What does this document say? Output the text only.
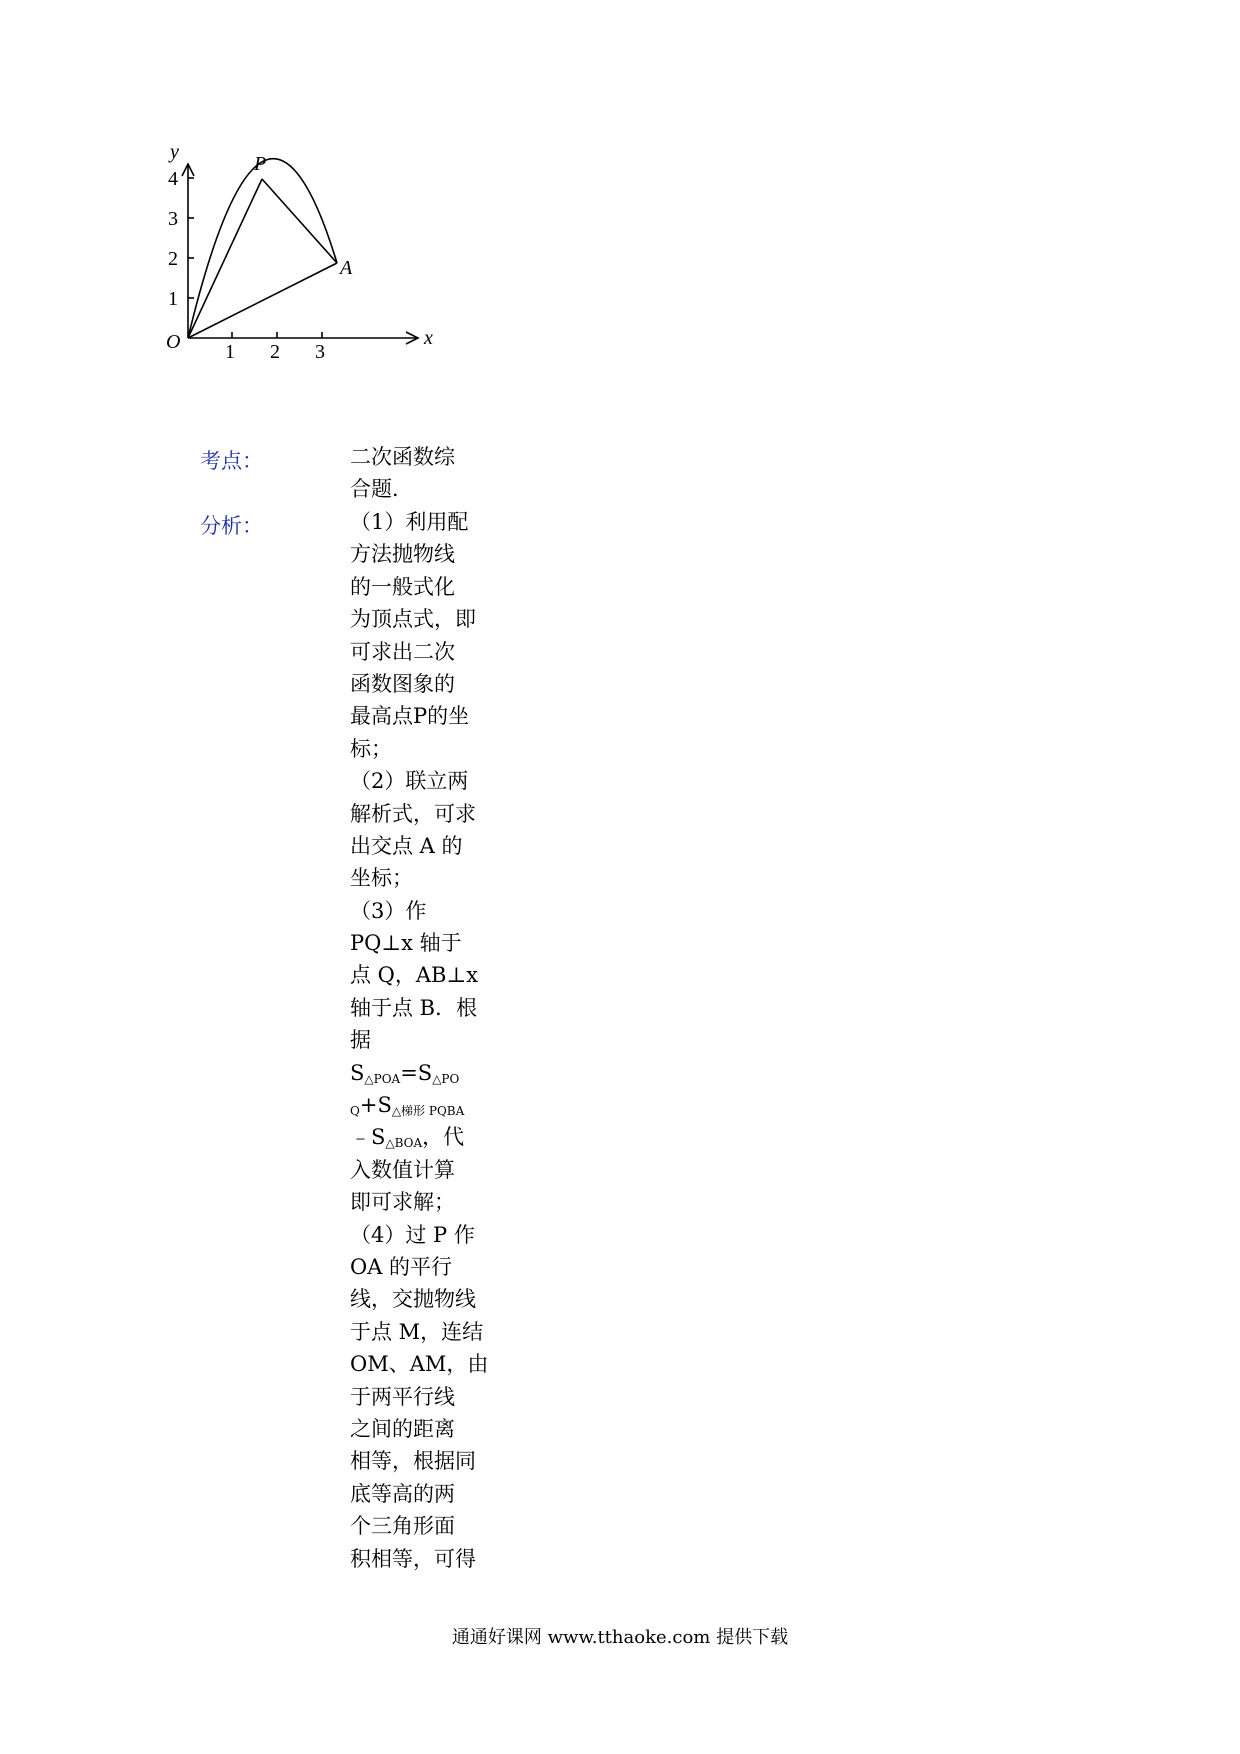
y
x
O
P
A
1 2 3
1
2
3
4
考点：	二次函数综
合题．
分析：	（1）利用配
方法抛物线
的一般式化
为顶点式，即
可求出二次
函数图象的
最高点P的坐
标；
（2）联立两
解析式，可求
出交点 A 的
坐标；
（3）作
PQ⊥x 轴于
点 Q，AB⊥x
轴于点 B．根
据
$S_{\triangle POA}=S_{\triangle PO}$
$_Q+S_{\triangle 梯形 PQBA}$
$﹣S_{\triangle BOA}$，代
入数值计算
即可求解；
（4）过 P 作
OA 的平行
线，交抛物线
于点 M，连结
OM、AM，由
于两平行线
之间的距离
相等，根据同
底等高的两
个三角形面
积相等，可得
通通好课网 www.tthaoke.com 提供下载
